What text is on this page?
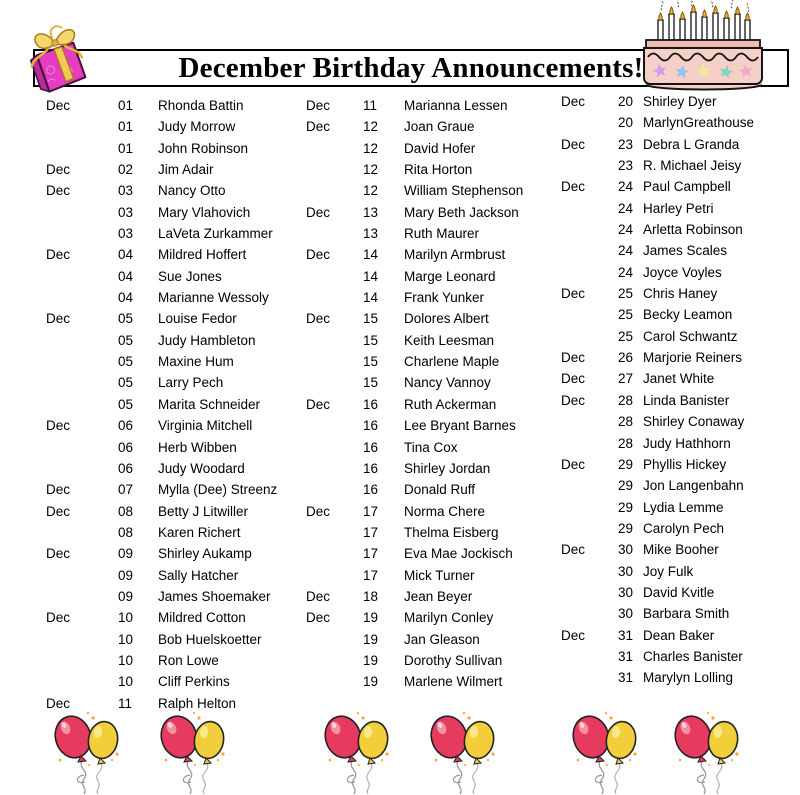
December Birthday Announcements!
Dec	01 Rhonda Battin
01 Judy Morrow
01 John Robinson
Dec	02 Jim Adair
Dec	03 Nancy Otto
03 Mary Vlahovich
03 LaVeta Zurkammer
Dec	04 Mildred Hoffert
04 Sue Jones
04 Marianne Wessoly
Dec	05 Louise Fedor
05 Judy Hambleton
05 Maxine Hum
05 Larry Pech
05 Marita Schneider
Dec	06 Virginia Mitchell
06 Herb Wibben
06 Judy Woodard
Dec	07 Mylla (Dee) Streenz
Dec	08 Betty J Litwiller
08 Karen Richert
Dec	09 Shirley Aukamp
09 Sally Hatcher
09 James Shoemaker
Dec	10 Mildred Cotton
10 Bob Huelskoetter
10 Ron Lowe
10 Cliff Perkins
Dec	11 Ralph Helton
Dec 11 Marianna Lessen
Dec 12 Joan Graue
12 David Hofer
12 Rita Horton
12 William Stephenson
Dec 13 Mary Beth Jackson
13 Ruth Maurer
Dec 14 Marilyn Armbrust
14 Marge Leonard
14 Frank Yunker
Dec 15 Dolores Albert
15 Keith Leesman
15 Charlene Maple
15 Nancy Vannoy
Dec 16 Ruth Ackerman
16 Lee Bryant Barnes
16 Tina Cox
16 Shirley Jordan
16 Donald Ruff
Dec 17 Norma Chere
17 Thelma Eisberg
17 Eva Mae Jockisch
17 Mick Turner
Dec 18 Jean Beyer
Dec 19 Marilyn Conley
19 Jan Gleason
19 Dorothy Sullivan
19 Marlene Wilmert
Dec 20 Shirley Dyer
20 MarlynGreathouse
Dec 23 Debra L Granda
23 R. Michael Jeisy
Dec 24 Paul Campbell
24 Harley Petri
24 Arletta Robinson
24 James Scales
24 Joyce Voyles
Dec 25 Chris Haney
25 Becky Leamon
25 Carol Schwantz
Dec 26 Marjorie Reiners
Dec 27 Janet White
Dec 28 Linda Banister
28 Shirley Conaway
28 Judy Hathhorn
Dec 29 Phyllis Hickey
29 Jon Langenbahn
29 Lydia Lemme
29 Carolyn Pech
Dec 30 Mike Booher
30 Joy Fulk
30 David Kvitle
30 Barbara Smith
Dec 31 Dean Baker
31 Charles Banister
31 Marylyn Lolling
